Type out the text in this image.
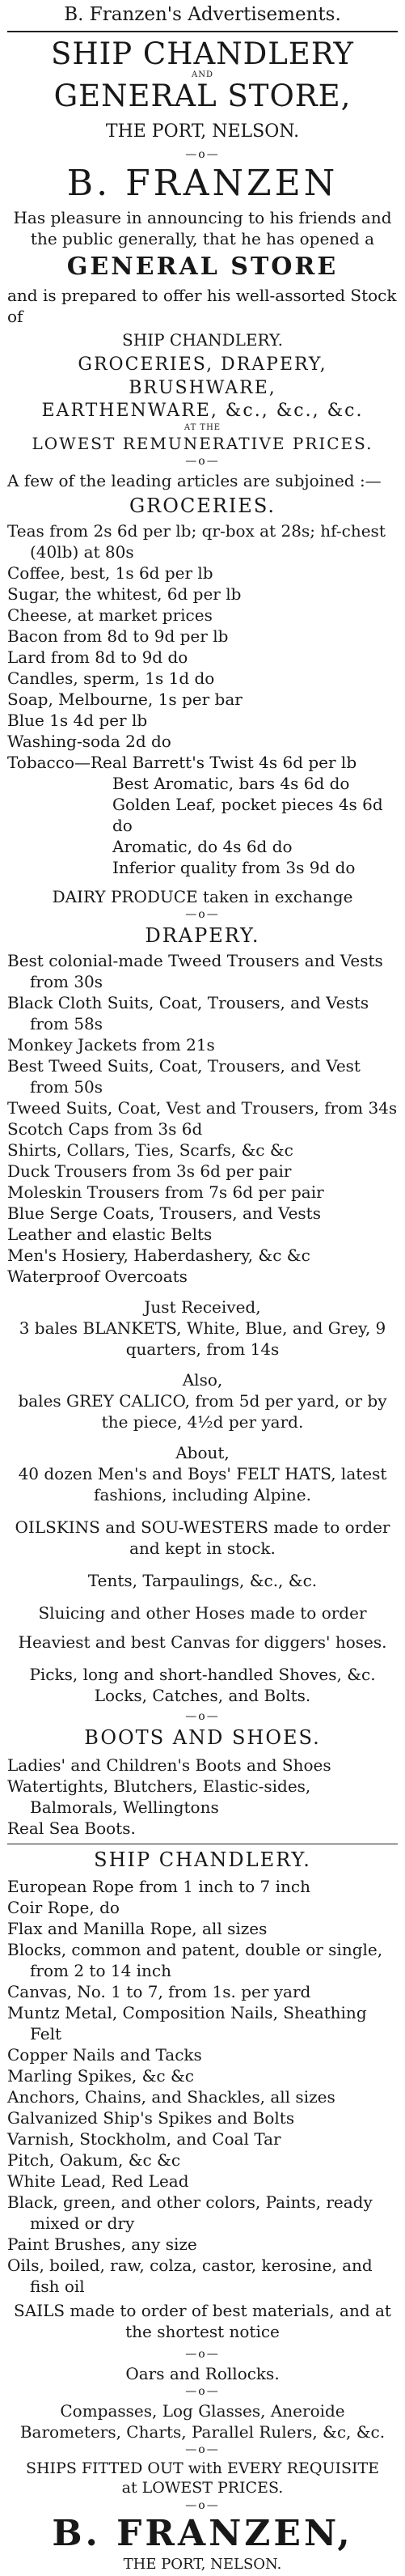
B. Franzen's Advertisements.
SHIP CHANDLERY
AND
GENERAL STORE,
THE PORT, NELSON.
—o—
B. FRANZEN
Has pleasure in announcing to his friends and the public generally, that he has opened a
GENERAL STORE
and is prepared to offer his well-assorted Stock of
SHIP CHANDLERY.
GROCERIES, DRAPERY,
BRUSHWARE,
EARTHENWARE, &c., &c., &c.
AT THE
LOWEST REMUNERATIVE PRICES.
—o—
A few of the leading articles are subjoined :—
GROCERIES.
Teas from 2s 6d per lb; qr-box at 28s; hf-chest (40lb) at 80s
Coffee, best, 1s 6d per lb
Sugar, the whitest, 6d per lb
Cheese, at market prices
Bacon from 8d to 9d per lb
Lard from 8d to 9d do
Candles, sperm, 1s 1d do
Soap, Melbourne, 1s per bar
Blue 1s 4d per lb
Washing-soda 2d do
Tobacco—Real Barrett's Twist 4s 6d per lb
Best Aromatic, bars 4s 6d do
Golden Leaf, pocket pieces 4s 6d do
Aromatic, do 4s 6d do
Inferior quality from 3s 9d do
DAIRY PRODUCE taken in exchange
—o—
DRAPERY.
Best colonial-made Tweed Trousers and Vests from 30s
Black Cloth Suits, Coat, Trousers, and Vests from 58s
Monkey Jackets from 21s
Best Tweed Suits, Coat, Trousers, and Vest from 50s
Tweed Suits, Coat, Vest and Trousers, from 34s
Scotch Caps from 3s 6d
Shirts, Collars, Ties, Scarfs, &c &c
Duck Trousers from 3s 6d per pair
Moleskin Trousers from 7s 6d per pair
Blue Serge Coats, Trousers, and Vests
Leather and elastic Belts
Men's Hosiery, Haberdashery, &c &c
Waterproof Overcoats
Just Received,
3 bales BLANKETS, White, Blue, and Grey, 9 quarters, from 14s
Also,
bales GREY CALICO, from 5d per yard, or by the piece, 4½d per yard.
About,
40 dozen Men's and Boys' FELT HATS, latest fashions, including Alpine.
OILSKINS and SOU-WESTERS made to order and kept in stock.
Tents, Tarpaulings, &c., &c.
Sluicing and other Hoses made to order
Heaviest and best Canvas for diggers' hoses.
Picks, long and short-handled Shoves, &c. Locks, Catches, and Bolts.
—o—
BOOTS AND SHOES.
Ladies' and Children's Boots and Shoes
Watertights, Blutchers, Elastic-sides, Balmorals, Wellingtons
Real Sea Boots.
SHIP CHANDLERY.
European Rope from 1 inch to 7 inch
Coir Rope, do
Flax and Manilla Rope, all sizes
Blocks, common and patent, double or single, from 2 to 14 inch
Canvas, No. 1 to 7, from 1s. per yard
Muntz Metal, Composition Nails, Sheathing Felt
Copper Nails and Tacks
Marling Spikes, &c &c
Anchors, Chains, and Shackles, all sizes
Galvanized Ship's Spikes and Bolts
Varnish, Stockholm, and Coal Tar
Pitch, Oakum, &c &c
White Lead, Red Lead
Black, green, and other colors, Paints, ready mixed or dry
Paint Brushes, any size
Oils, boiled, raw, colza, castor, kerosine, and fish oil
SAILS made to order of best materials, and at the shortest notice
—o—
Oars and Rollocks.
—o—
Compasses, Log Glasses, Aneroide Barometers, Charts, Parallel Rulers, &c, &c.
—o—
SHIPS FITTED OUT with EVERY REQUISITE
at LOWEST PRICES.
—o—
B. FRANZEN,
THE PORT, NELSON.
